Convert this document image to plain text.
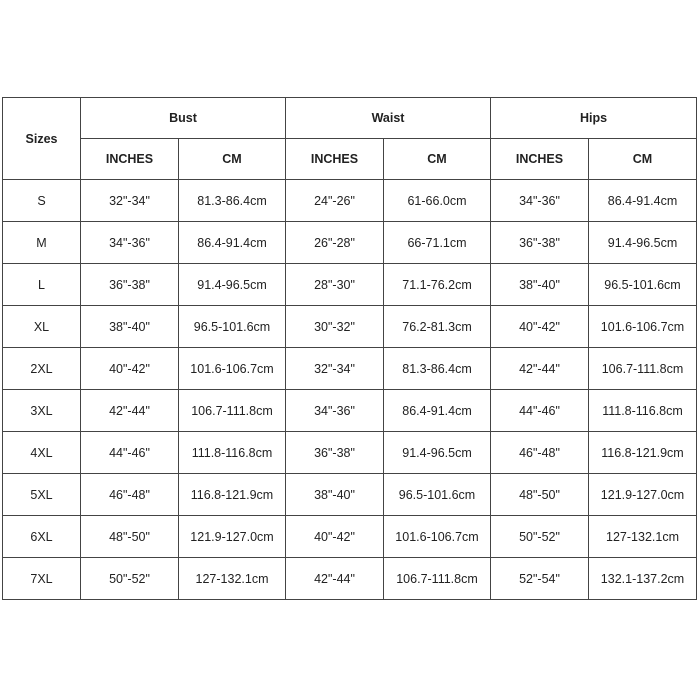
Sizes	Bust		Waist		Hips	
	INCHES	CM	INCHES	CM	INCHES	CM
S	32"-34"	81.3-86.4cm	24"-26"	61-66.0cm	34"-36"	86.4-91.4cm
M	34"-36"	86.4-91.4cm	26"-28"	66-71.1cm	36"-38"	91.4-96.5cm
L	36"-38"	91.4-96.5cm	28"-30"	71.1-76.2cm	38"-40"	96.5-101.6cm
XL	38"-40"	96.5-101.6cm	30"-32"	76.2-81.3cm	40"-42"	101.6-106.7cm
2XL	40"-42"	101.6-106.7cm	32"-34"	81.3-86.4cm	42"-44"	106.7-111.8cm
3XL	42"-44"	106.7-111.8cm	34"-36"	86.4-91.4cm	44"-46"	111.8-116.8cm
4XL	44"-46"	111.8-116.8cm	36"-38"	91.4-96.5cm	46"-48"	116.8-121.9cm
5XL	46"-48"	116.8-121.9cm	38"-40"	96.5-101.6cm	48"-50"	121.9-127.0cm
6XL	48"-50"	121.9-127.0cm	40"-42"	101.6-106.7cm	50"-52"	127-132.1cm
7XL	50"-52"	127-132.1cm	42"-44"	106.7-111.8cm	52"-54"	132.1-137.2cm
